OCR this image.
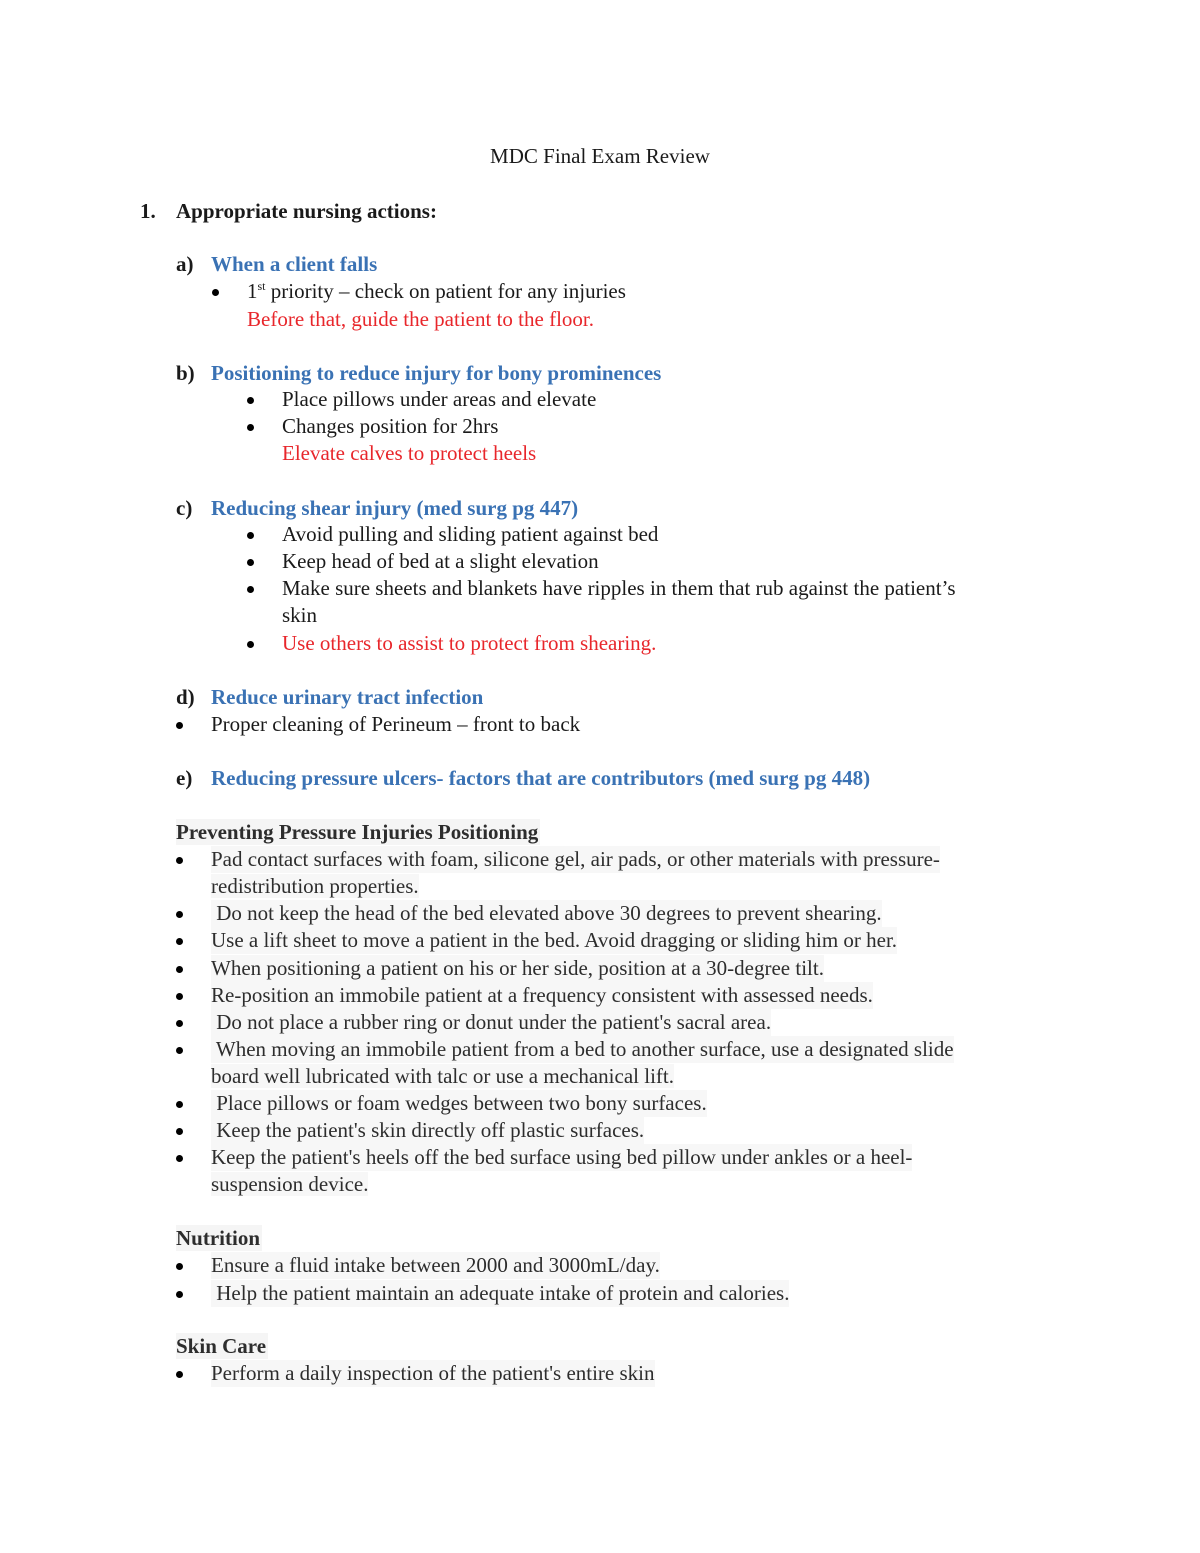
MDC Final Exam Review
1. Appropriate nursing actions:
a) When a client falls
1st priority – check on patient for any injuries
Before that, guide the patient to the floor.
b) Positioning to reduce injury for bony prominences
Place pillows under areas and elevate
Changes position for 2hrs
Elevate calves to protect heels
c) Reducing shear injury (med surg pg 447)
Avoid pulling and sliding patient against bed
Keep head of bed at a slight elevation
Make sure sheets and blankets have ripples in them that rub against the patient’s
skin
Use others to assist to protect from shearing.
d) Reduce urinary tract infection
Proper cleaning of Perineum – front to back
e) Reducing pressure ulcers- factors that are contributors (med surg pg 448)
Preventing Pressure Injuries Positioning
Pad contact surfaces with foam, silicone gel, air pads, or other materials with pressure-
redistribution properties.
Do not keep the head of the bed elevated above 30 degrees to prevent shearing.
Use a lift sheet to move a patient in the bed. Avoid dragging or sliding him or her.
When positioning a patient on his or her side, position at a 30-degree tilt.
Re-position an immobile patient at a frequency consistent with assessed needs.
Do not place a rubber ring or donut under the patient's sacral area.
When moving an immobile patient from a bed to another surface, use a designated slide
board well lubricated with talc or use a mechanical lift.
Place pillows or foam wedges between two bony surfaces.
Keep the patient's skin directly off plastic surfaces.
Keep the patient's heels off the bed surface using bed pillow under ankles or a heel-
suspension device.
Nutrition
Ensure a fluid intake between 2000 and 3000mL/day.
Help the patient maintain an adequate intake of protein and calories.
Skin Care
Perform a daily inspection of the patient's entire skin
